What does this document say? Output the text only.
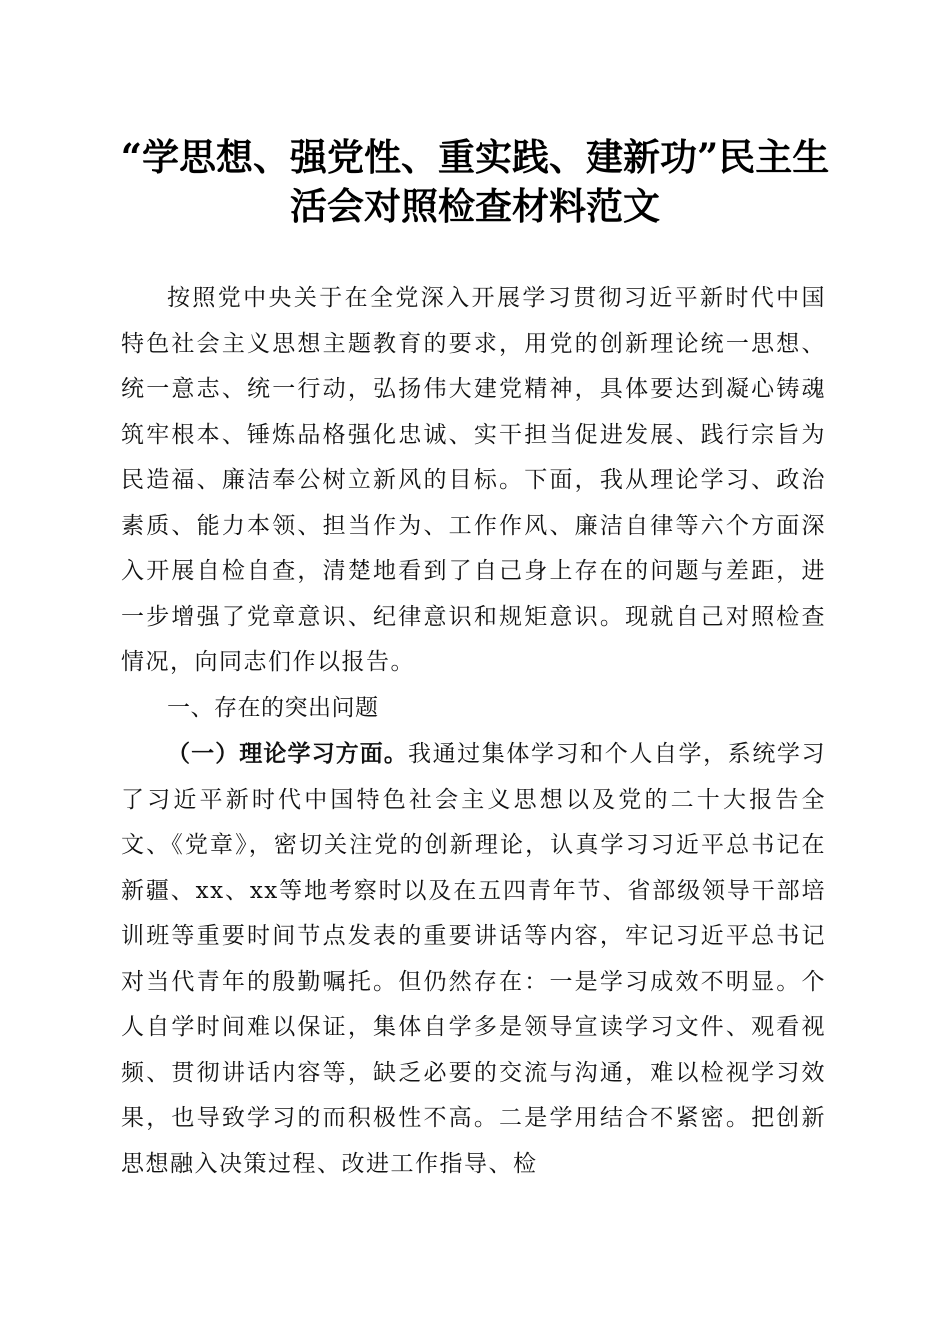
“学思想、强党性、重实践、建新功”民主生
活会对照检查材料范文

按照党中央关于在全党深入开展学习贯彻习近平新时代中国特色社会主义思想主题教育的要求，用党的创新理论统一思想、统一意志、统一行动，弘扬伟大建党精神，具体要达到凝心铸魂筑牢根本、锤炼品格强化忠诚、实干担当促进发展、践行宗旨为民造福、廉洁奉公树立新风的目标。下面，我从理论学习、政治素质、能力本领、担当作为、工作作风、廉洁自律等六个方面深入开展自检自查，清楚地看到了自己身上存在的问题与差距，进一步增强了党章意识、纪律意识和规矩意识。现就自己对照检查情况，向同志们作以报告。

一、存在的突出问题

（一）理论学习方面。我通过集体学习和个人自学，系统学习了习近平新时代中国特色社会主义思想以及党的二十大报告全文、《党章》，密切关注党的创新理论，认真学习习近平总书记在新疆、xx、xx等地考察时以及在五四青年节、省部级领导干部培训班等重要时间节点发表的重要讲话等内容，牢记习近平总书记对当代青年的殷勤嘱托。但仍然存在：一是学习成效不明显。个人自学时间难以保证，集体自学多是领导宣读学习文件、观看视频、贯彻讲话内容等，缺乏必要的交流与沟通，难以检视学习效果，也导致学习的而积极性不高。二是学用结合不紧密。把创新思想融入决策过程、改进工作指导、检
